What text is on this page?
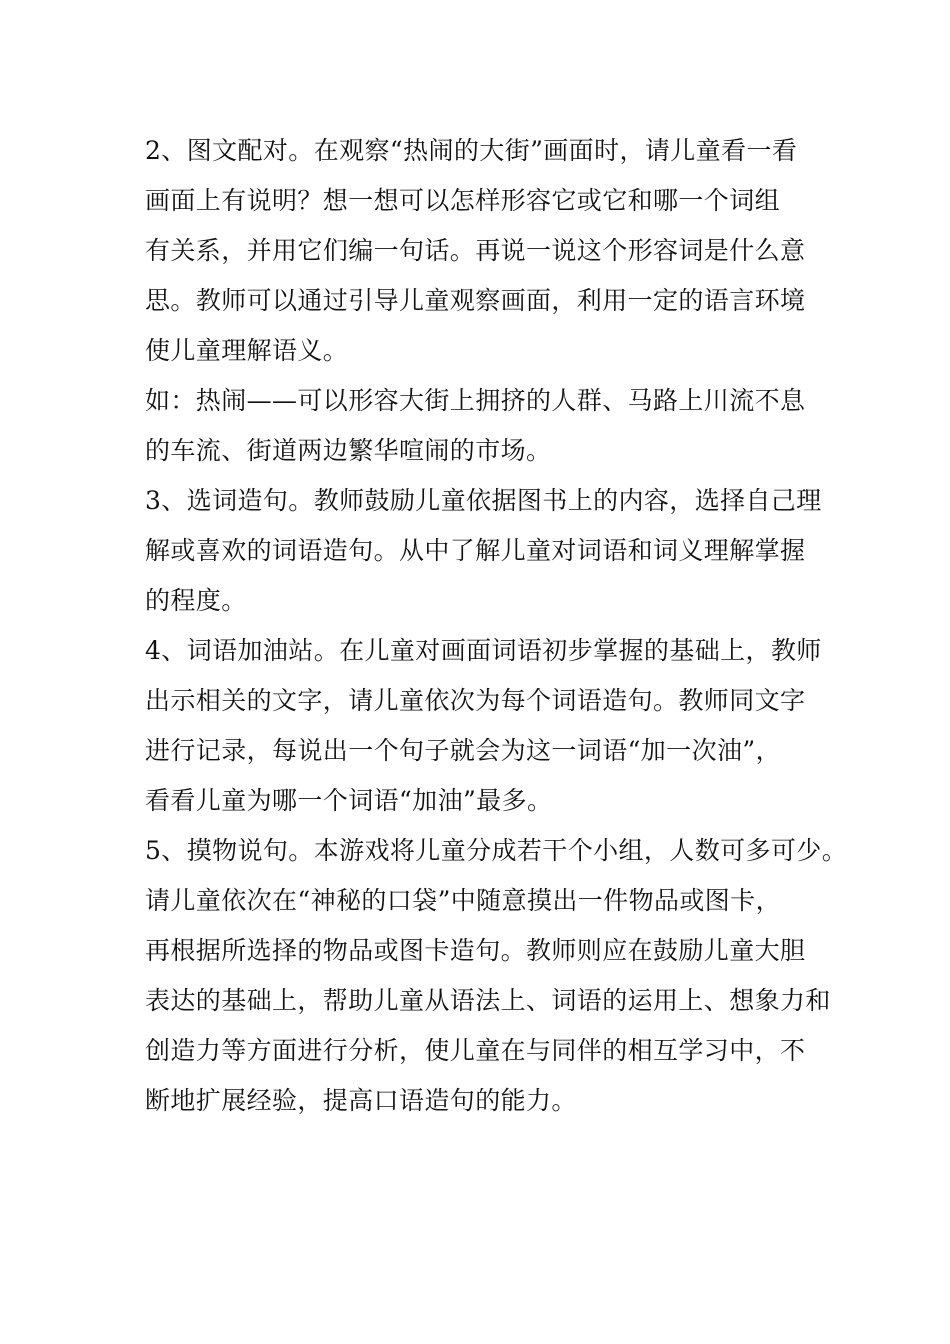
2、图文配对。在观察“热闹的大街”画面时，请儿童看一看
画面上有说明？想一想可以怎样形容它或它和哪一个词组
有关系，并用它们编一句话。再说一说这个形容词是什么意
思。教师可以通过引导儿童观察画面，利用一定的语言环境
使儿童理解语义。
如：热闹——可以形容大街上拥挤的人群、马路上川流不息
的车流、街道两边繁华喧闹的市场。
3、选词造句。教师鼓励儿童依据图书上的内容，选择自己理
解或喜欢的词语造句。从中了解儿童对词语和词义理解掌握
的程度。
4、词语加油站。在儿童对画面词语初步掌握的基础上，教师
出示相关的文字，请儿童依次为每个词语造句。教师同文字
进行记录，每说出一个句子就会为这一词语“加一次油”，
看看儿童为哪一个词语“加油”最多。
5、摸物说句。本游戏将儿童分成若干个小组，人数可多可少。
请儿童依次在“神秘的口袋”中随意摸出一件物品或图卡，
再根据所选择的物品或图卡造句。教师则应在鼓励儿童大胆
表达的基础上，帮助儿童从语法上、词语的运用上、想象力和
创造力等方面进行分析，使儿童在与同伴的相互学习中，不
断地扩展经验，提高口语造句的能力。
